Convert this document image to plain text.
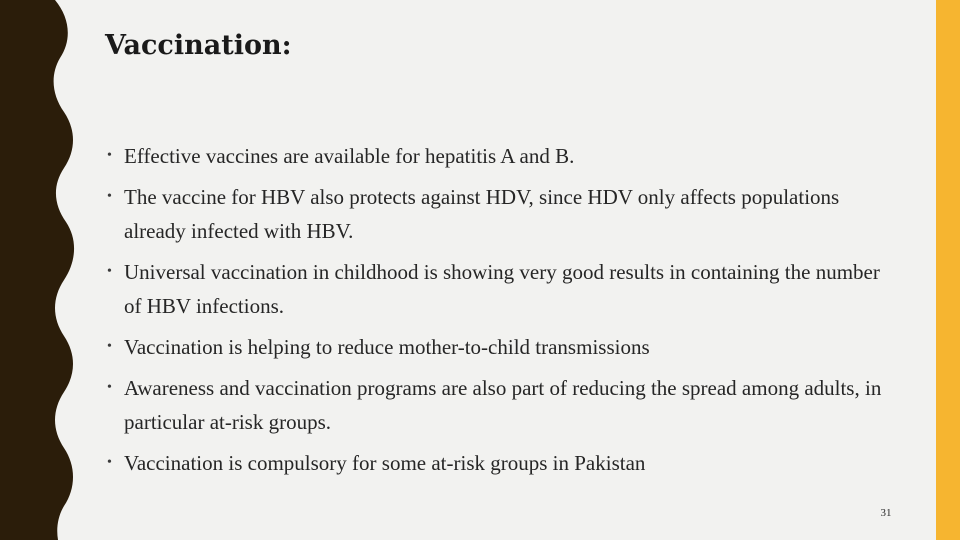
Vaccination:
• Effective vaccines are available for hepatitis A and B.
• The vaccine for HBV also protects against HDV, since HDV only affects populations already infected with HBV.
• Universal vaccination in childhood is showing very good results in containing the number of HBV infections.
• Vaccination is helping to reduce mother-to-child transmissions
• Awareness and vaccination programs are also part of reducing the spread among adults, in particular at-risk groups.
• Vaccination is compulsory for some at-risk groups in Pakistan
31
